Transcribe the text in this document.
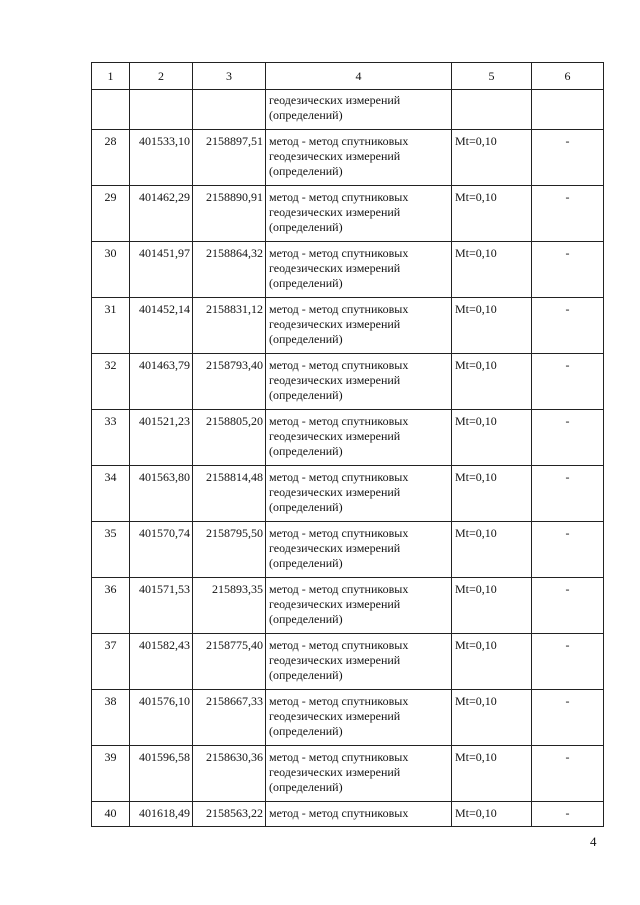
1	2	3	4	5	6

			геодезических измерений
(определений)		

28	401533,10	2158897,51	метод - метод спутниковых
геодезических измерений
(определений)	Mt=0,10	-

29	401462,29	2158890,91	метод - метод спутниковых
геодезических измерений
(определений)	Mt=0,10	-

30	401451,97	2158864,32	метод - метод спутниковых
геодезических измерений
(определений)	Mt=0,10	-

31	401452,14	2158831,12	метод - метод спутниковых
геодезических измерений
(определений)	Mt=0,10	-

32	401463,79	2158793,40	метод - метод спутниковых
геодезических измерений
(определений)	Mt=0,10	-

33	401521,23	2158805,20	метод - метод спутниковых
геодезических измерений
(определений)	Mt=0,10	-

34	401563,80	2158814,48	метод - метод спутниковых
геодезических измерений
(определений)	Mt=0,10	-

35	401570,74	2158795,50	метод - метод спутниковых
геодезических измерений
(определений)	Mt=0,10	-

36	401571,53	215893,35	метод - метод спутниковых
геодезических измерений
(определений)	Mt=0,10	-

37	401582,43	2158775,40	метод - метод спутниковых
геодезических измерений
(определений)	Mt=0,10	-

38	401576,10	2158667,33	метод - метод спутниковых
геодезических измерений
(определений)	Mt=0,10	-

39	401596,58	2158630,36	метод - метод спутниковых
геодезических измерений
(определений)	Mt=0,10	-

40	401618,49	2158563,22	метод - метод спутниковых	Mt=0,10	-
4
